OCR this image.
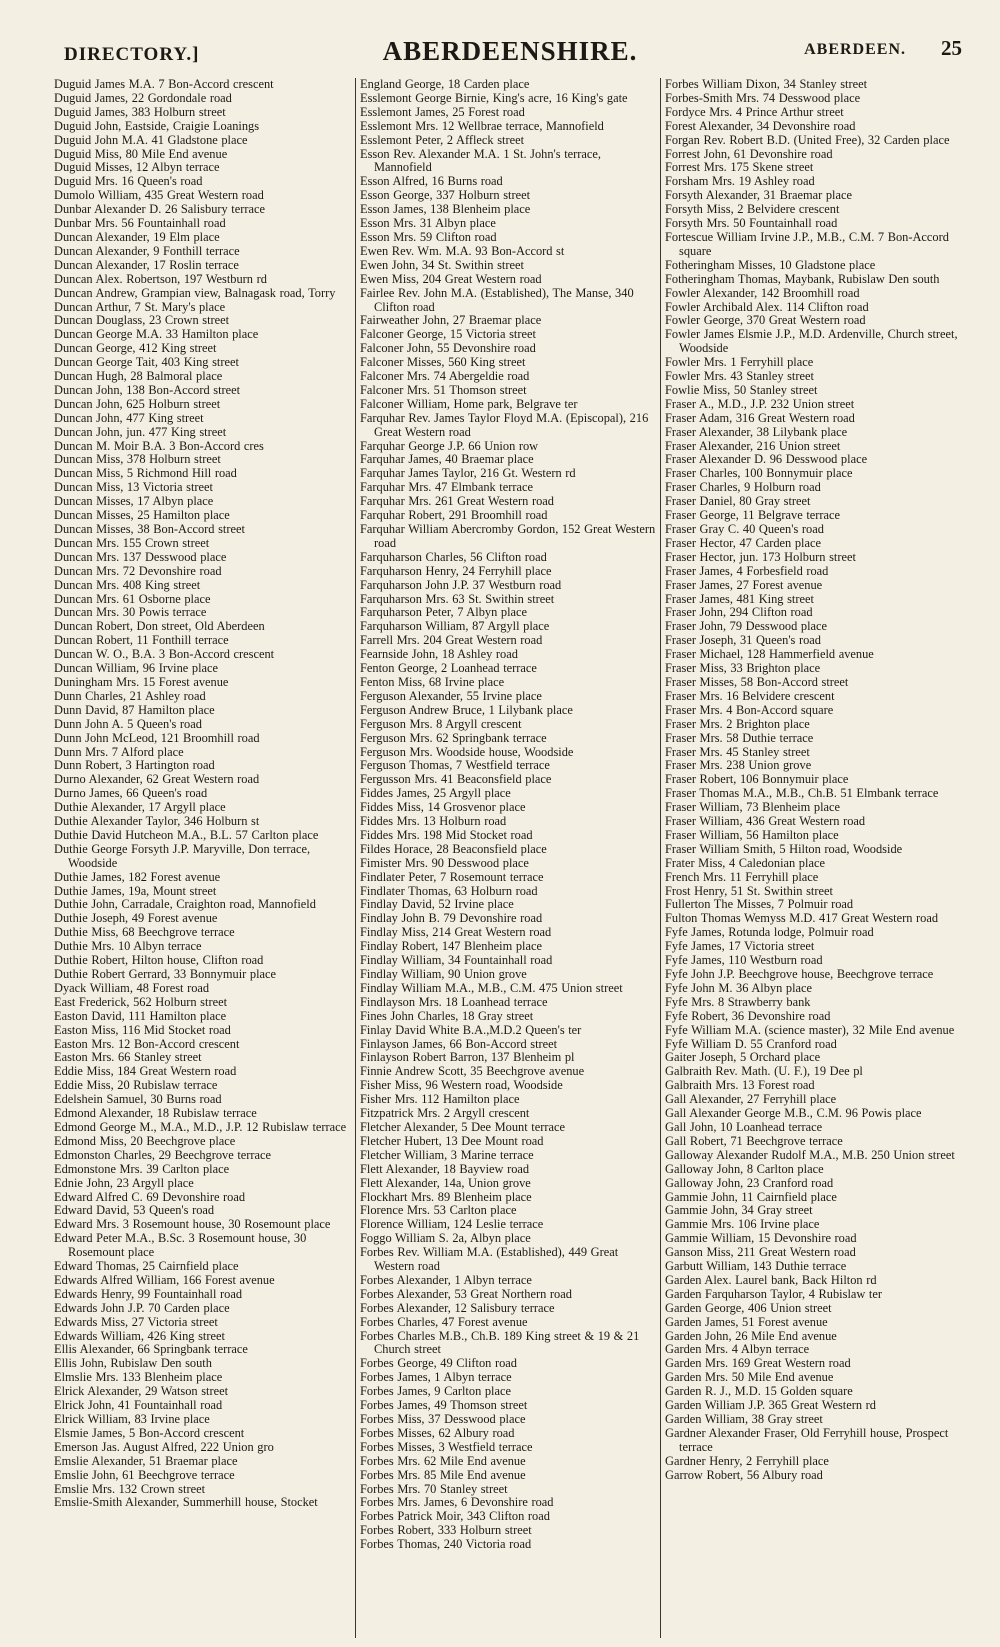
DIRECTORY.]	ABERDEENSHIRE.	ABERDEEN. 25
Duguid James M.A. 7 Bon-Accord crescent
Duguid James, 22 Gordondale road
Duguid James, 383 Holburn street
Duguid John, Eastside, Craigie Loanings
Duguid John M.A. 41 Gladstone place
Duguid Miss, 80 Mile End avenue
Duguid Misses, 12 Albyn terrace
Duguid Mrs. 16 Queen's road
Dumolo William, 435 Great Western road
Dunbar Alexander D. 26 Salisbury terrace
Dunbar Mrs. 56 Fountainhall road
Duncan Alexander, 19 Elm place
Duncan Alexander, 9 Fonthill terrace
Duncan Alexander, 17 Roslin terrace
Duncan Alex. Robertson, 197 Westburn rd
Duncan Andrew, Grampian view, Balnagask road, Torry
Duncan Arthur, 7 St. Mary's place
Duncan Douglass, 23 Crown street
Duncan George M.A. 33 Hamilton place
Duncan George, 412 King street
Duncan George Tait, 403 King street
Duncan Hugh, 28 Balmoral place
Duncan John, 138 Bon-Accord street
Duncan John, 625 Holburn street
Duncan John, 477 King street
Duncan John, jun. 477 King street
Duncan M. Moir B.A. 3 Bon-Accord cres
Duncan Miss, 378 Holburn street
Duncan Miss, 5 Richmond Hill road
Duncan Miss, 13 Victoria street
Duncan Misses, 17 Albyn place
Duncan Misses, 25 Hamilton place
Duncan Misses, 38 Bon-Accord street
Duncan Mrs. 155 Crown street
Duncan Mrs. 137 Desswood place
Duncan Mrs. 72 Devonshire road
Duncan Mrs. 408 King street
Duncan Mrs. 61 Osborne place
Duncan Mrs. 30 Powis terrace
Duncan Robert, Don street, Old Aberdeen
Duncan Robert, 11 Fonthill terrace
Duncan W. O., B.A. 3 Bon-Accord crescent
Duncan William, 96 Irvine place
Duningham Mrs. 15 Forest avenue
Dunn Charles, 21 Ashley road
Dunn David, 87 Hamilton place
Dunn John A. 5 Queen's road
Dunn John McLeod, 121 Broomhill road
Dunn Mrs. 7 Alford place
Dunn Robert, 3 Hartington road
Durno Alexander, 62 Great Western road
Durno James, 66 Queen's road
Duthie Alexander, 17 Argyll place
Duthie Alexander Taylor, 346 Holburn st
Duthie David Hutcheon M.A., B.L. 57 Carlton place
Duthie George Forsyth J.P. Maryville, Don terrace, Woodside
Duthie James, 182 Forest avenue
Duthie James, 19a, Mount street
Duthie John, Carradale, Craighton road, Mannofield
Duthie Joseph, 49 Forest avenue
Duthie Miss, 68 Beechgrove terrace
Duthie Mrs. 10 Albyn terrace
Duthie Robert, Hilton house, Clifton road
Duthie Robert Gerrard, 33 Bonnymuir place
Dyack William, 48 Forest road
East Frederick, 562 Holburn street
Easton David, 111 Hamilton place
Easton Miss, 116 Mid Stocket road
Easton Mrs. 12 Bon-Accord crescent
Easton Mrs. 66 Stanley street
Eddie Miss, 184 Great Western road
Eddie Miss, 20 Rubislaw terrace
Edelshein Samuel, 30 Burns road
Edmond Alexander, 18 Rubislaw terrace
Edmond George M., M.A., M.D., J.P. 12 Rubislaw terrace
Edmond Miss, 20 Beechgrove place
Edmonston Charles, 29 Beechgrove terrace
Edmonstone Mrs. 39 Carlton place
Ednie John, 23 Argyll place
Edward Alfred C. 69 Devonshire road
Edward David, 53 Queen's road
Edward Mrs. 3 Rosemount house, 30 Rosemount place
Edward Peter M.A., B.Sc. 3 Rosemount house, 30 Rosemount place
Edward Thomas, 25 Cairnfield place
Edwards Alfred William, 166 Forest avenue
Edwards Henry, 99 Fountainhall road
Edwards John J.P. 70 Carden place
Edwards Miss, 27 Victoria street
Edwards William, 426 King street
Ellis Alexander, 66 Springbank terrace
Ellis John, Rubislaw Den south
Elmslie Mrs. 133 Blenheim place
Elrick Alexander, 29 Watson street
Elrick John, 41 Fountainhall road
Elrick William, 83 Irvine place
Elsmie James, 5 Bon-Accord crescent
Emerson Jas. August Alfred, 222 Union gro
Emslie Alexander, 51 Braemar place
Emslie John, 61 Beechgrove terrace
Emslie Mrs. 132 Crown street
Emslie-Smith Alexander, Summerhill house, Stocket
England George, 18 Carden place
Esslemont George Birnie, King's acre, 16 King's gate
Esslemont James, 25 Forest road
Esslemont Mrs. 12 Wellbrae terrace, Mannofield
Esslemont Peter, 2 Affleck street
Esson Rev. Alexander M.A. 1 St. John's terrace, Mannofield
Esson Alfred, 16 Burns road
Esson George, 337 Holburn street
Esson James, 138 Blenheim place
Esson Mrs. 31 Albyn place
Esson Mrs. 59 Clifton road
Ewen Rev. Wm. M.A. 93 Bon-Accord st
Ewen John, 34 St. Swithin street
Ewen Miss, 204 Great Western road
Fairlee Rev. John M.A. (Established), The Manse, 340 Clifton road
Fairweather John, 27 Braemar place
Falconer George, 15 Victoria street
Falconer John, 55 Devonshire road
Falconer Misses, 560 King street
Falconer Mrs. 74 Abergeldie road
Falconer Mrs. 51 Thomson street
Falconer William, Home park, Belgrave ter
Farquhar Rev. James Taylor Floyd M.A. (Episcopal), 216 Great Western road
Farquhar George J.P. 66 Union row
Farquhar James, 40 Braemar place
Farquhar James Taylor, 216 Gt. Western rd
Farquhar Mrs. 47 Elmbank terrace
Farquhar Mrs. 261 Great Western road
Farquhar Robert, 291 Broomhill road
Farquhar William Abercromby Gordon, 152 Great Western road
Farquharson Charles, 56 Clifton road
Farquharson Henry, 24 Ferryhill place
Farquharson John J.P. 37 Westburn road
Farquharson Mrs. 63 St. Swithin street
Farquharson Peter, 7 Albyn place
Farquharson William, 87 Argyll place
Farrell Mrs. 204 Great Western road
Fearnside John, 18 Ashley road
Fenton George, 2 Loanhead terrace
Fenton Miss, 68 Irvine place
Ferguson Alexander, 55 Irvine place
Ferguson Andrew Bruce, 1 Lilybank place
Ferguson Mrs. 8 Argyll crescent
Ferguson Mrs. 62 Springbank terrace
Ferguson Mrs. Woodside house, Woodside
Ferguson Thomas, 7 Westfield terrace
Fergusson Mrs. 41 Beaconsfield place
Fiddes James, 25 Argyll place
Fiddes Miss, 14 Grosvenor place
Fiddes Mrs. 13 Holburn road
Fiddes Mrs. 198 Mid Stocket road
Fildes Horace, 28 Beaconsfield place
Fimister Mrs. 90 Desswood place
Findlater Peter, 7 Rosemount terrace
Findlater Thomas, 63 Holburn road
Findlay David, 52 Irvine place
Findlay John B. 79 Devonshire road
Findlay Miss, 214 Great Western road
Findlay Robert, 147 Blenheim place
Findlay William, 34 Fountainhall road
Findlay William, 90 Union grove
Findlay William M.A., M.B., C.M. 475 Union street
Findlayson Mrs. 18 Loanhead terrace
Fines John Charles, 18 Gray street
Finlay David White B.A.,M.D.2 Queen's ter
Finlayson James, 66 Bon-Accord street
Finlayson Robert Barron, 137 Blenheim pl
Finnie Andrew Scott, 35 Beechgrove avenue
Fisher Miss, 96 Western road, Woodside
Fisher Mrs. 112 Hamilton place
Fitzpatrick Mrs. 2 Argyll crescent
Fletcher Alexander, 5 Dee Mount terrace
Fletcher Hubert, 13 Dee Mount road
Fletcher William, 3 Marine terrace
Flett Alexander, 18 Bayview road
Flett Alexander, 14a, Union grove
Flockhart Mrs. 89 Blenheim place
Florence Mrs. 53 Carlton place
Florence William, 124 Leslie terrace
Foggo William S. 2a, Albyn place
Forbes Rev. William M.A. (Established), 449 Great Western road
Forbes Alexander, 1 Albyn terrace
Forbes Alexander, 53 Great Northern road
Forbes Alexander, 12 Salisbury terrace
Forbes Charles, 47 Forest avenue
Forbes Charles M.B., Ch.B. 189 King street & 19 & 21 Church street
Forbes George, 49 Clifton road
Forbes James, 1 Albyn terrace
Forbes James, 9 Carlton place
Forbes James, 49 Thomson street
Forbes Miss, 37 Desswood place
Forbes Misses, 62 Albury road
Forbes Misses, 3 Westfield terrace
Forbes Mrs. 62 Mile End avenue
Forbes Mrs. 85 Mile End avenue
Forbes Mrs. 70 Stanley street
Forbes Mrs. James, 6 Devonshire road
Forbes Patrick Moir, 343 Clifton road
Forbes Robert, 333 Holburn street
Forbes Thomas, 240 Victoria road
Forbes William Dixon, 34 Stanley street
Forbes-Smith Mrs. 74 Desswood place
Fordyce Mrs. 4 Prince Arthur street
Forest Alexander, 34 Devonshire road
Forgan Rev. Robert B.D. (United Free), 32 Carden place
Forrest John, 61 Devonshire road
Forrest Mrs. 175 Skene street
Forsham Mrs. 19 Ashley road
Forsyth Alexander, 31 Braemar place
Forsyth Miss, 2 Belvidere crescent
Forsyth Mrs. 50 Fountainhall road
Fortescue William Irvine J.P., M.B., C.M. 7 Bon-Accord square
Fotheringham Misses, 10 Gladstone place
Fotheringham Thomas, Maybank, Rubislaw Den south
Fowler Alexander, 142 Broomhill road
Fowler Archibald Alex. 114 Clifton road
Fowler George, 370 Great Western road
Fowler James Elsmie J.P., M.D. Ardenville, Church street, Woodside
Fowler Mrs. 1 Ferryhill place
Fowler Mrs. 43 Stanley street
Fowlie Miss, 50 Stanley street
Fraser A., M.D., J.P. 232 Union street
Fraser Adam, 316 Great Western road
Fraser Alexander, 38 Lilybank place
Fraser Alexander, 216 Union street
Fraser Alexander D. 96 Desswood place
Fraser Charles, 100 Bonnymuir place
Fraser Charles, 9 Holburn road
Fraser Daniel, 80 Gray street
Fraser George, 11 Belgrave terrace
Fraser Gray C. 40 Queen's road
Fraser Hector, 47 Carden place
Fraser Hector, jun. 173 Holburn street
Fraser James, 4 Forbesfield road
Fraser James, 27 Forest avenue
Fraser James, 481 King street
Fraser John, 294 Clifton road
Fraser John, 79 Desswood place
Fraser Joseph, 31 Queen's road
Fraser Michael, 128 Hammerfield avenue
Fraser Miss, 33 Brighton place
Fraser Misses, 58 Bon-Accord street
Fraser Mrs. 16 Belvidere crescent
Fraser Mrs. 4 Bon-Accord square
Fraser Mrs. 2 Brighton place
Fraser Mrs. 58 Duthie terrace
Fraser Mrs. 45 Stanley street
Fraser Mrs. 238 Union grove
Fraser Robert, 106 Bonnymuir place
Fraser Thomas M.A., M.B., Ch.B. 51 Elmbank terrace
Fraser William, 73 Blenheim place
Fraser William, 436 Great Western road
Fraser William, 56 Hamilton place
Fraser William Smith, 5 Hilton road, Woodside
Frater Miss, 4 Caledonian place
French Mrs. 11 Ferryhill place
Frost Henry, 51 St. Swithin street
Fullerton The Misses, 7 Polmuir road
Fulton Thomas Wemyss M.D. 417 Great Western road
Fyfe James, Rotunda lodge, Polmuir road
Fyfe James, 17 Victoria street
Fyfe James, 110 Westburn road
Fyfe John J.P. Beechgrove house, Beechgrove terrace
Fyfe John M. 36 Albyn place
Fyfe Mrs. 8 Strawberry bank
Fyfe Robert, 36 Devonshire road
Fyfe William M.A. (science master), 32 Mile End avenue
Fyfe William D. 55 Cranford road
Gaiter Joseph, 5 Orchard place
Galbraith Rev. Math. (U. F.), 19 Dee pl
Galbraith Mrs. 13 Forest road
Gall Alexander, 27 Ferryhill place
Gall Alexander George M.B., C.M. 96 Powis place
Gall John, 10 Loanhead terrace
Gall Robert, 71 Beechgrove terrace
Galloway Alexander Rudolf M.A., M.B. 250 Union street
Galloway John, 8 Carlton place
Galloway John, 23 Cranford road
Gammie John, 11 Cairnfield place
Gammie John, 34 Gray street
Gammie Mrs. 106 Irvine place
Gammie William, 15 Devonshire road
Ganson Miss, 211 Great Western road
Garbutt William, 143 Duthie terrace
Garden Alex. Laurel bank, Back Hilton rd
Garden Farquharson Taylor, 4 Rubislaw ter
Garden George, 406 Union street
Garden James, 51 Forest avenue
Garden John, 26 Mile End avenue
Garden Mrs. 4 Albyn terrace
Garden Mrs. 169 Great Western road
Garden Mrs. 50 Mile End avenue
Garden R. J., M.D. 15 Golden square
Garden William J.P. 365 Great Western rd
Garden William, 38 Gray street
Gardner Alexander Fraser, Old Ferryhill house, Prospect terrace
Gardner Henry, 2 Ferryhill place
Garrow Robert, 56 Albury road
